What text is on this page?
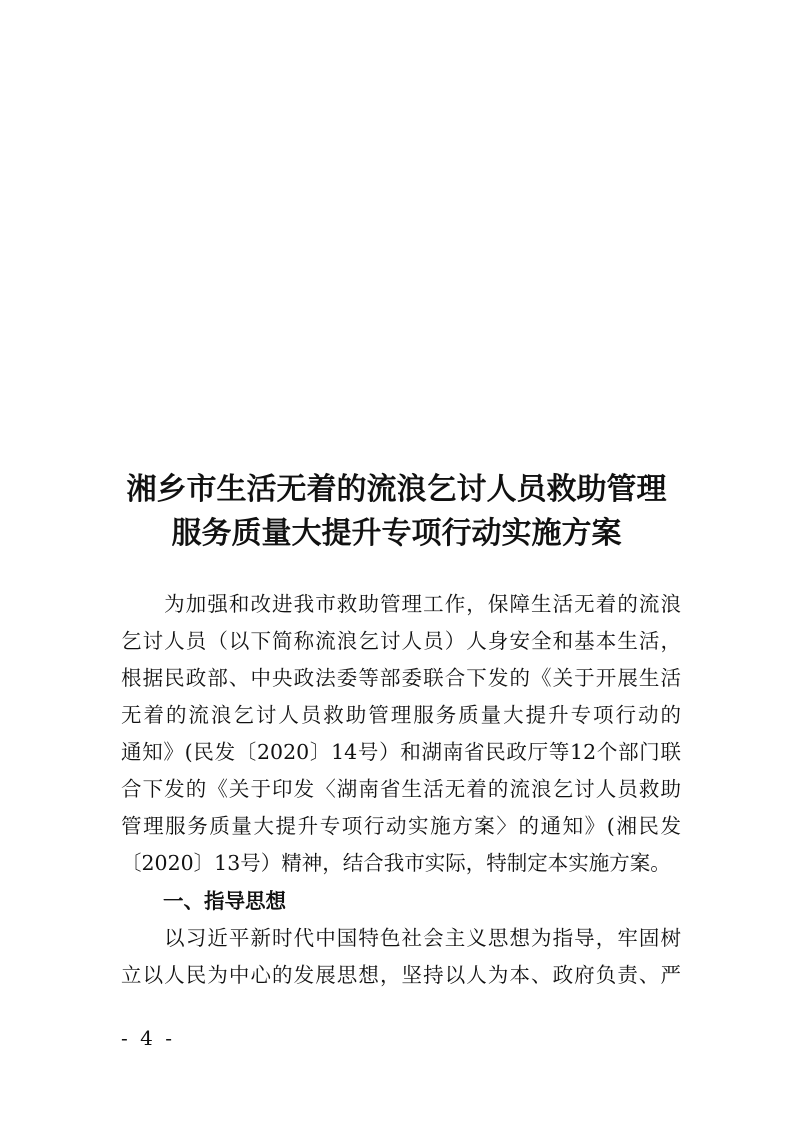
湘乡市生活无着的流浪乞讨人员救助管理
服务质量大提升专项行动实施方案
　　为加强和改进我市救助管理工作，保障生活无着的流浪
乞讨人员（以下简称流浪乞讨人员）人身安全和基本生活，
根据民政部、中央政法委等部委联合下发的《关于开展生活
无着的流浪乞讨人员救助管理服务质量大提升专项行动的
通知》(民发〔2020〕14号）和湖南省民政厅等12个部门联
合下发的《关于印发〈湖南省生活无着的流浪乞讨人员救助
管理服务质量大提升专项行动实施方案〉的通知》(湘民发
〔2020〕13号）精神，结合我市实际，特制定本实施方案。
一、指导思想
　　以习近平新时代中国特色社会主义思想为指导，牢固树
立以人民为中心的发展思想，坚持以人为本、政府负责、严
- 4 -
